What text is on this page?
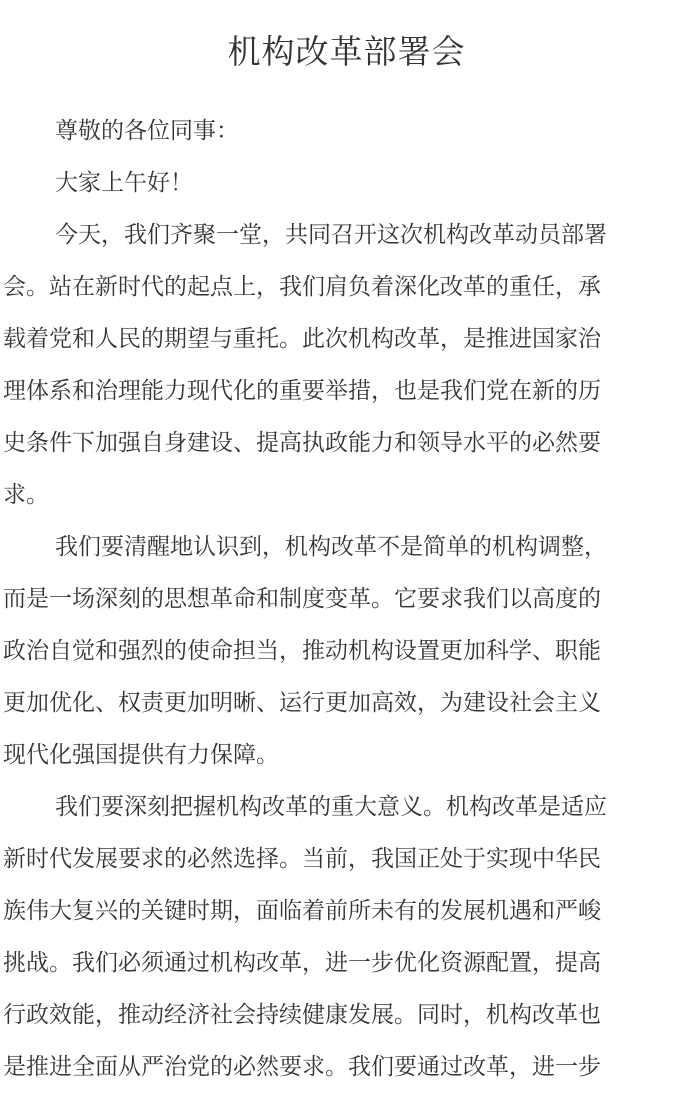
机构改革部署会

尊敬的各位同事：

大家上午好！

今天，我们齐聚一堂，共同召开这次机构改革动员部署

会。站在新时代的起点上，我们肩负着深化改革的重任，承

载着党和人民的期望与重托。此次机构改革，是推进国家治

理体系和治理能力现代化的重要举措，也是我们党在新的历

史条件下加强自身建设、提高执政能力和领导水平的必然要

求。

我们要清醒地认识到，机构改革不是简单的机构调整，

而是一场深刻的思想革命和制度变革。它要求我们以高度的

政治自觉和强烈的使命担当，推动机构设置更加科学、职能

更加优化、权责更加明晰、运行更加高效，为建设社会主义

现代化强国提供有力保障。

我们要深刻把握机构改革的重大意义。机构改革是适应

新时代发展要求的必然选择。当前，我国正处于实现中华民

族伟大复兴的关键时期，面临着前所未有的发展机遇和严峻

挑战。我们必须通过机构改革，进一步优化资源配置，提高

行政效能，推动经济社会持续健康发展。同时，机构改革也

是推进全面从严治党的必然要求。我们要通过改革，进一步
